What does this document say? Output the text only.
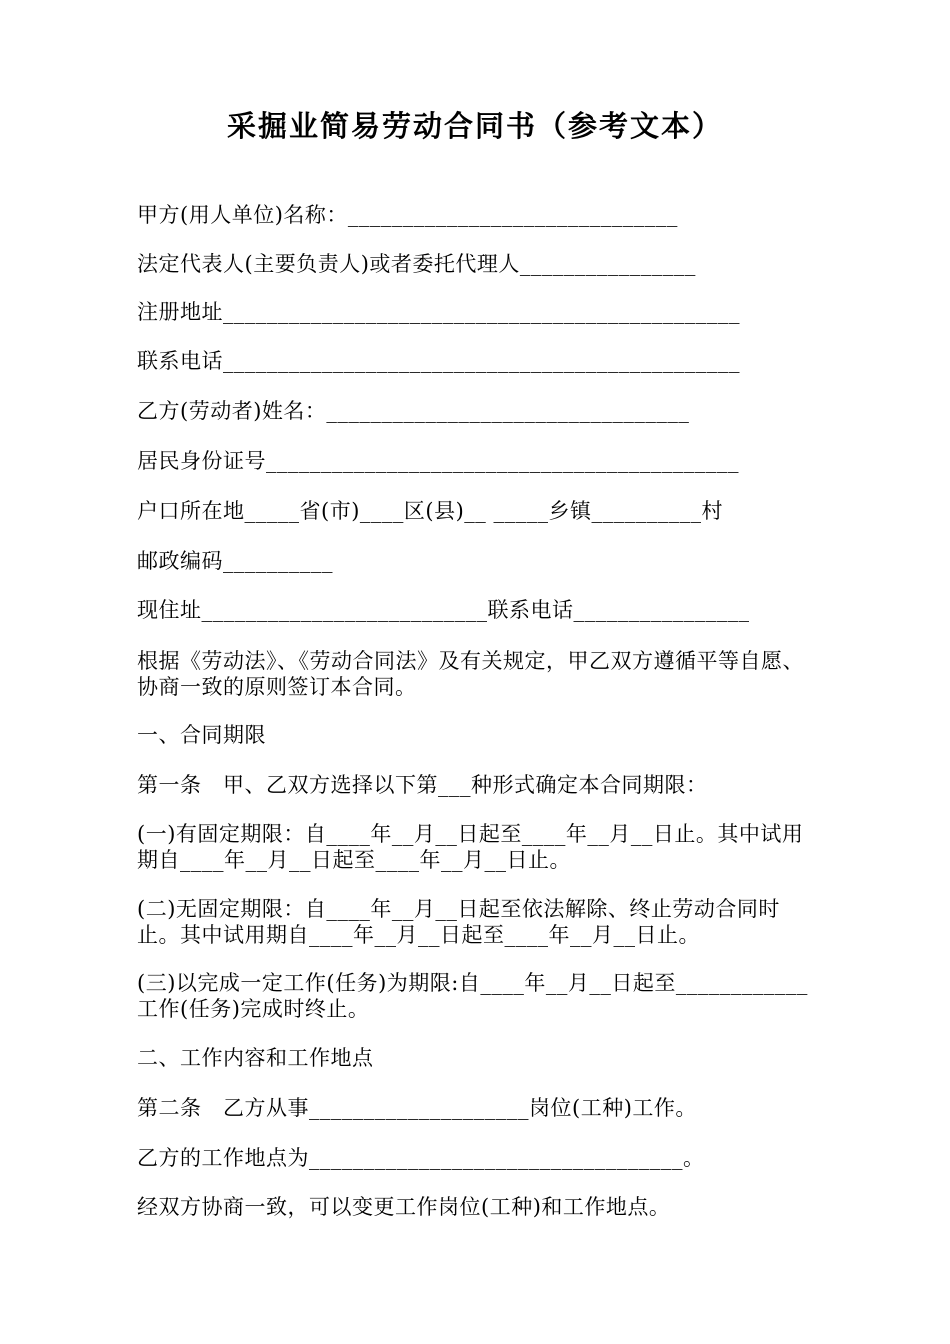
采掘业简易劳动合同书（参考文本）
甲方(用人单位)名称：______________________________
法定代表人(主要负责人)或者委托代理人________________
注册地址_______________________________________________
联系电话_______________________________________________
乙方(劳动者)姓名：_________________________________
居民身份证号___________________________________________
户口所在地_____省(市)____区(县)__ _____乡镇__________村
邮政编码__________
现住址__________________________联系电话________________
根据《劳动法》、《劳动合同法》及有关规定，甲乙双方遵循平等自愿、协商一致的原则签订本合同。
一、合同期限
第一条　甲、乙双方选择以下第___种形式确定本合同期限：
(一)有固定期限：自____年__月__日起至____年__月__日止。其中试用期自____年__月__日起至____年__月__日止。
(二)无固定期限：自____年__月__日起至依法解除、终止劳动合同时止。其中试用期自____年__月__日起至____年__月__日止。
(三)以完成一定工作(任务)为期限:自____年__月__日起至____________工作(任务)完成时终止。
二、工作内容和工作地点
第二条　乙方从事____________________岗位(工种)工作。
乙方的工作地点为__________________________________。
经双方协商一致，可以变更工作岗位(工种)和工作地点。
